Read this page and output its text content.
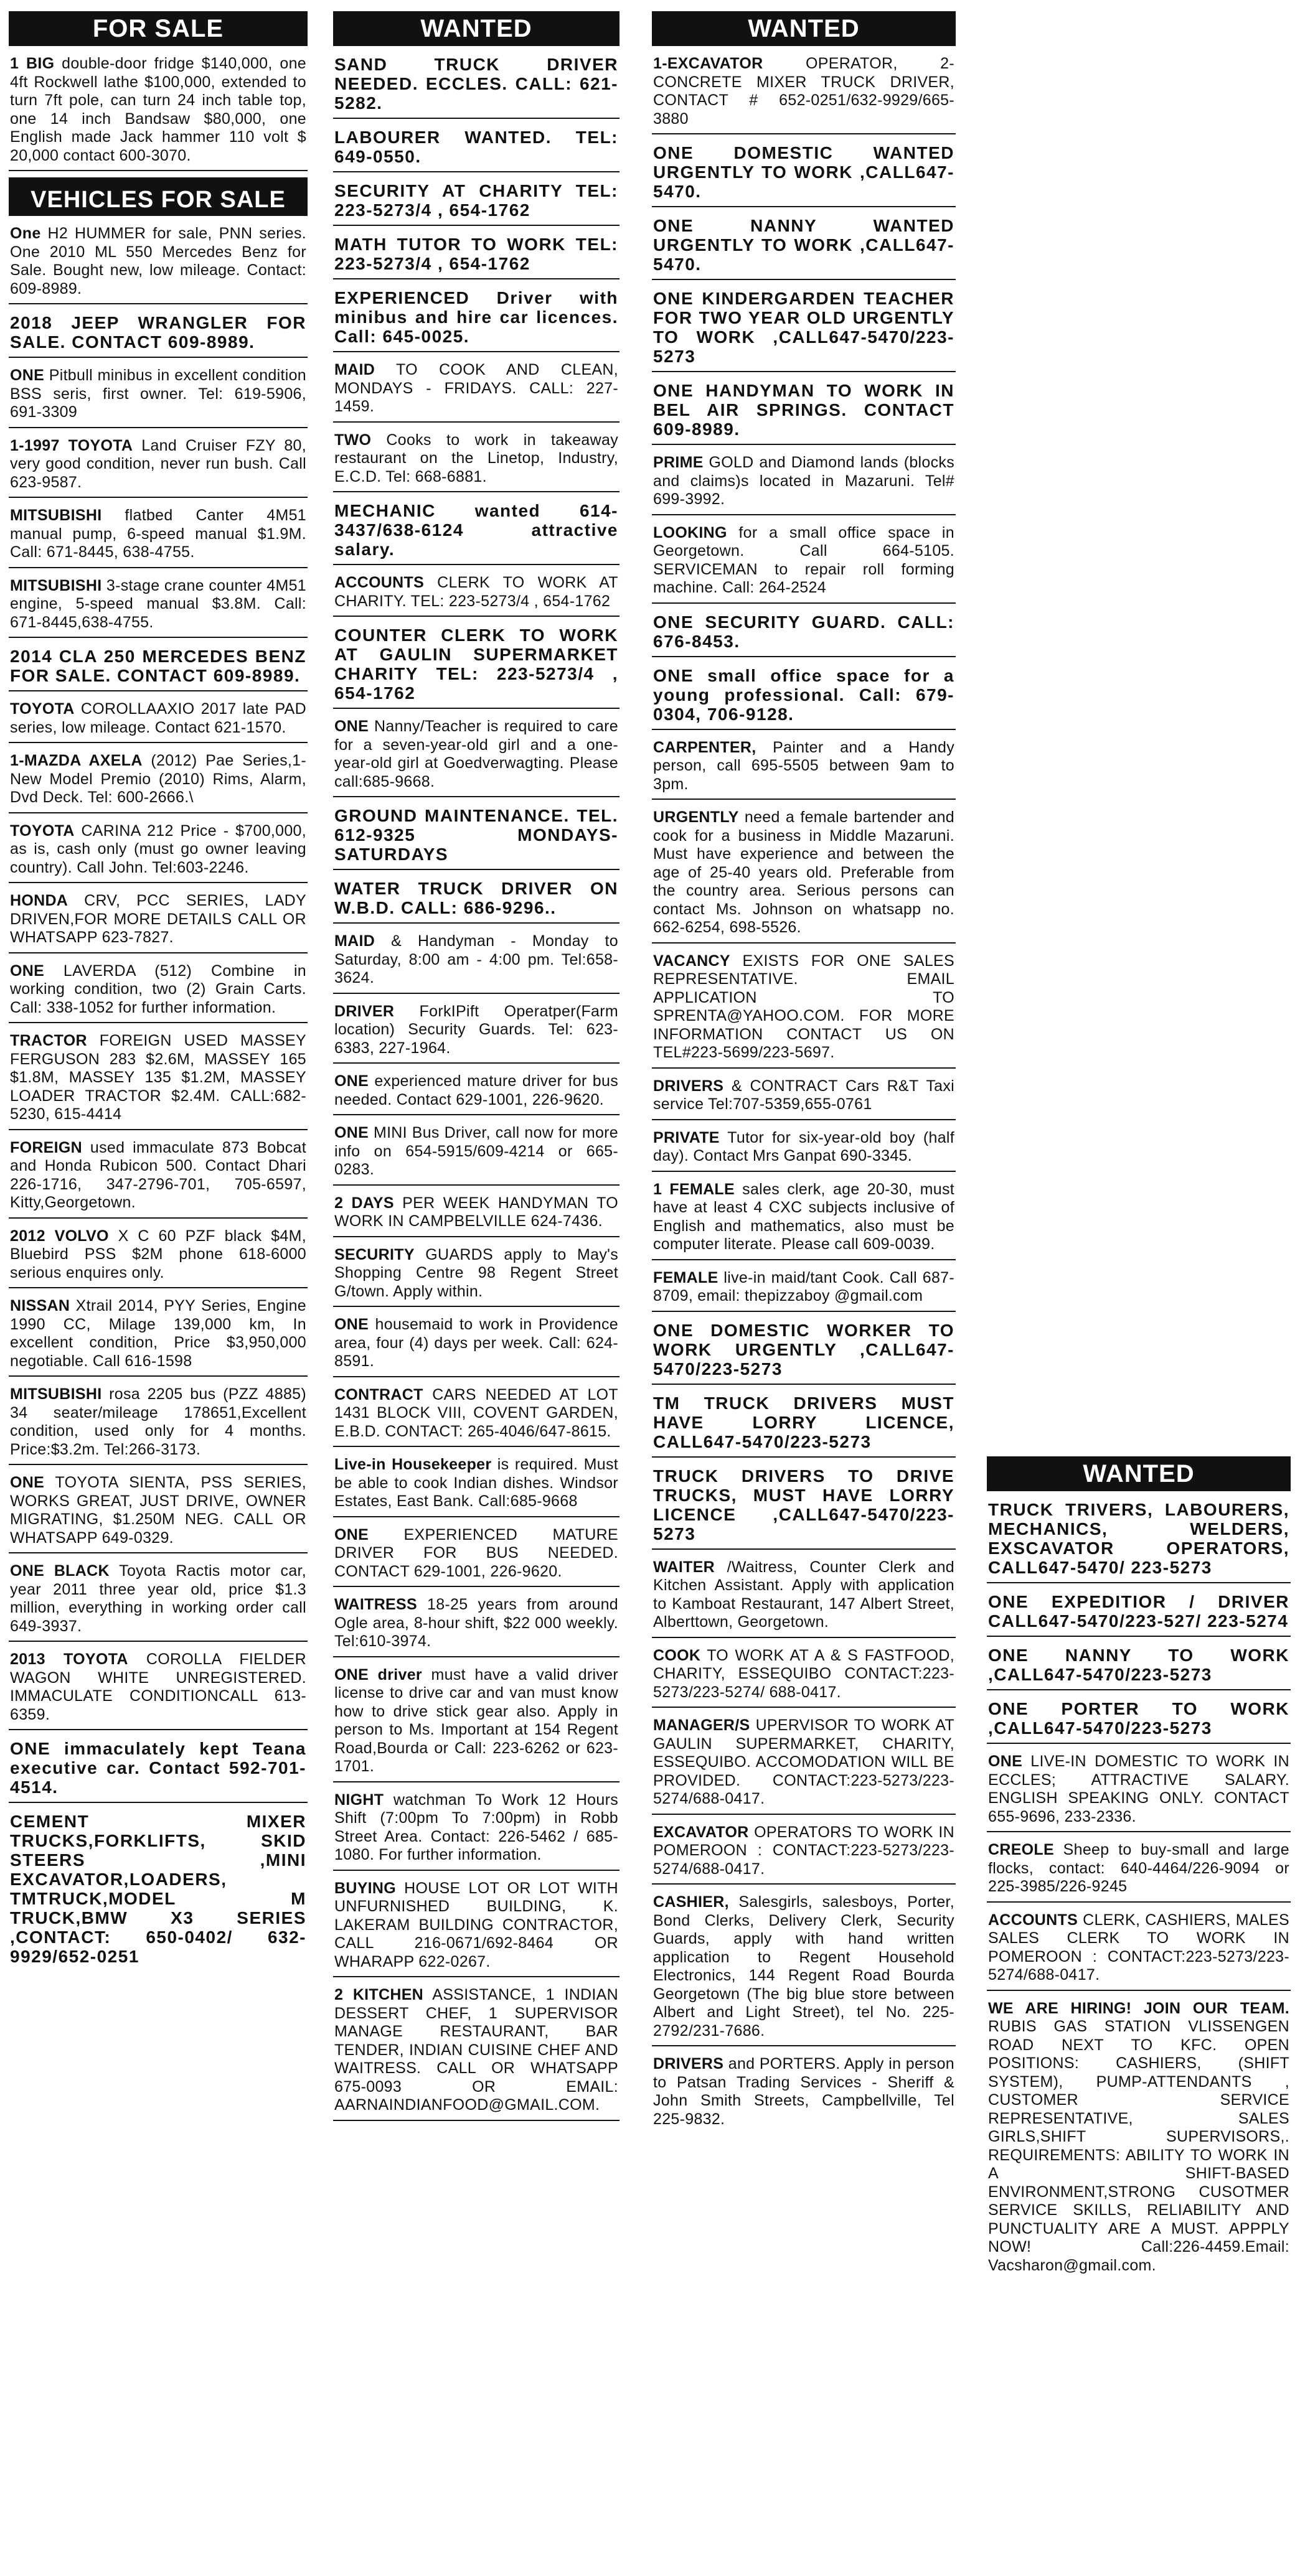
FOR SALE
1 BIG double-door fridge $140,000, one 4ft Rockwell lathe $100,000, extended to turn 7ft pole, can turn 24 inch table top, one 14 inch Bandsaw $80,000, one English made Jack hammer 110 volt $ 20,000 contact 600-3070.
VEHICLES FOR SALE
One H2 HUMMER for sale, PNN series. One 2010 ML 550 Mercedes Benz for Sale. Bought new, low mileage. Contact: 609-8989.
2018 JEEP WRANGLER FOR SALE. CONTACT 609-8989.
ONE Pitbull minibus in excellent condition BSS seris, first owner. Tel: 619-5906, 691-3309
1-1997 TOYOTA Land Cruiser FZY 80, very good condition, never run bush. Call 623-9587.
MITSUBISHI flatbed Canter 4M51 manual pump, 6-speed manual $1.9M. Call: 671-8445, 638-4755.
MITSUBISHI 3-stage crane counter 4M51 engine, 5-speed manual $3.8M. Call: 671-8445,638-4755.
2014 CLA 250 MERCEDES BENZ FOR SALE. CONTACT 609-8989.
TOYOTA COROLLAAXIO 2017 late PAD series, low mileage. Contact 621-1570.
1-MAZDA AXELA (2012) Pae Series,1- New Model Premio (2010) Rims, Alarm, Dvd Deck. Tel: 600-2666.\
TOYOTA CARINA 212 Price - $700,000, as is, cash only (must go owner leaving country). Call John. Tel:603-2246.
HONDA CRV, PCC SERIES, LADY DRIVEN,FOR MORE DETAILS CALL OR WHATSAPP 623-7827.
ONE LAVERDA (512) Combine in working condition, two (2) Grain Carts. Call: 338-1052 for further information.
TRACTOR FOREIGN USED MASSEY FERGUSON 283 $2.6M, MASSEY 165 $1.8M, MASSEY 135 $1.2M, MASSEY LOADER TRACTOR $2.4M. CALL:682-5230, 615-4414
FOREIGN used immaculate 873 Bobcat and Honda Rubicon 500. Contact Dhari 226-1716, 347-2796-701, 705-6597, Kitty,Georgetown.
2012 VOLVO X C 60 PZF black $4M, Bluebird PSS $2M phone 618-6000 serious enquires only.
NISSAN Xtrail 2014, PYY Series, Engine 1990 CC, Milage 139,000 km, In excellent condition, Price $3,950,000 negotiable. Call 616-1598
MITSUBISHI rosa 2205 bus (PZZ 4885) 34 seater/mileage 178651,Excellent condition, used only for 4 months. Price:$3.2m. Tel:266-3173.
ONE TOYOTA SIENTA, PSS SERIES, WORKS GREAT, JUST DRIVE, OWNER MIGRATING, $1.250M NEG. CALL OR WHATSAPP 649-0329.
ONE BLACK Toyota Ractis motor car, year 2011 three year old, price $1.3 million, everything in working order call 649-3937.
2013 TOYOTA COROLLA FIELDER WAGON WHITE UNREGISTERED. IMMACULATE CONDITIONCALL 613-6359.
ONE immaculately kept Teana executive car. Contact 592-701-4514.
CEMENT MIXER TRUCKS,FORKLIFTS, SKID STEERS ,MINI EXCAVATOR,LOADERS, TMTRUCK,MODEL M TRUCK,BMW X3 SERIES ,CONTACT: 650-0402/ 632-9929/652-0251
WANTED
SAND TRUCK DRIVER NEEDED. ECCLES. CALL: 621-5282.
LABOURER WANTED. TEL: 649-0550.
SECURITY AT CHARITY TEL: 223-5273/4 , 654-1762
MATH TUTOR TO WORK TEL: 223-5273/4 , 654-1762
EXPERIENCED Driver with minibus and hire car licences. Call: 645-0025.
MAID TO COOK AND CLEAN, MONDAYS - FRIDAYS. CALL: 227-1459.
TWO Cooks to work in takeaway restaurant on the Linetop, Industry, E.C.D. Tel: 668-6881.
MECHANIC wanted 614-3437/638-6124 attractive salary.
ACCOUNTS CLERK TO WORK AT CHARITY. TEL: 223-5273/4 , 654-1762
COUNTER CLERK TO WORK AT GAULIN SUPERMARKET CHARITY TEL: 223-5273/4 , 654-1762
ONE Nanny/Teacher is required to care for a seven-year-old girl and a one-year-old girl at Goedverwagting. Please call:685-9668.
GROUND MAINTENANCE. TEL. 612-9325 MONDAYS-SATURDAYS
WATER TRUCK DRIVER ON W.B.D. CALL: 686-9296..
MAID & Handyman - Monday to Saturday, 8:00 am - 4:00 pm. Tel:658-3624.
DRIVER ForkIPift Operatper(Farm location) Security Guards. Tel: 623-6383, 227-1964.
ONE experienced mature driver for bus needed. Contact 629-1001, 226-9620.
ONE MINI Bus Driver, call now for more info on 654-5915/609-4214 or 665-0283.
2 DAYS PER WEEK HANDYMAN TO WORK IN CAMPBELVILLE 624-7436.
SECURITY GUARDS apply to May's Shopping Centre 98 Regent Street G/town. Apply within.
ONE housemaid to work in Providence area, four (4) days per week. Call: 624-8591.
CONTRACT CARS NEEDED AT LOT 1431 BLOCK VIII, COVENT GARDEN, E.B.D. CONTACT: 265-4046/647-8615.
Live-in Housekeeper is required. Must be able to cook Indian dishes. Windsor Estates, East Bank. Call:685-9668
ONE EXPERIENCED MATURE DRIVER FOR BUS NEEDED. CONTACT 629-1001, 226-9620.
WAITRESS 18-25 years from around Ogle area, 8-hour shift, $22 000 weekly. Tel:610-3974.
ONE driver must have a valid driver license to drive car and van must know how to drive stick gear also. Apply in person to Ms. Important at 154 Regent Road,Bourda or Call: 223-6262 or 623-1701.
NIGHT watchman To Work 12 Hours Shift (7:00pm To 7:00pm) in Robb Street Area. Contact: 226-5462 / 685-1080. For further information.
BUYING HOUSE LOT OR LOT WITH UNFURNISHED BUILDING, K. LAKERAM BUILDING CONTRACTOR, CALL 216-0671/692-8464 OR WHARAPP 622-0267.
2 KITCHEN ASSISTANCE, 1 INDIAN DESSERT CHEF, 1 SUPERVISOR MANAGE RESTAURANT, BAR TENDER, INDIAN CUISINE CHEF AND WAITRESS. CALL OR WHATSAPP 675-0093 OR EMAIL: AARNAINDIANFOOD@GMAIL.COM.
WANTED
1-EXCAVATOR	OPERATOR, 2- CONCRETE MIXER TRUCK DRIVER, CONTACT # 652-0251/632-9929/665-3880
ONE DOMESTIC WANTED URGENTLY TO WORK ,CALL647-5470.
ONE NANNY WANTED URGENTLY TO WORK ,CALL647-5470.
ONE KINDERGARDEN TEACHER FOR TWO YEAR OLD URGENTLY TO WORK ,CALL647-5470/223-5273
ONE HANDYMAN TO WORK IN BEL AIR SPRINGS. CONTACT 609-8989.
PRIME GOLD and Diamond lands (blocks and claims)s located in Mazaruni. Tel# 699-3992.
LOOKING for a small office space in Georgetown. Call 664-5105. SERVICEMAN to repair roll forming machine. Call: 264-2524
ONE SECURITY GUARD. CALL: 676-8453.
ONE small office space for a young professional. Call: 679-0304, 706-9128.
CARPENTER, Painter and a Handy person, call 695-5505 between 9am to 3pm.
URGENTLY need a female bartender and cook for a business in Middle Mazaruni. Must have experience and between the age of 25-40 years old. Preferable from the country area. Serious persons can contact Ms. Johnson on whatsapp no. 662-6254, 698-5526.
VACANCY EXISTS FOR ONE SALES REPRESENTATIVE. EMAIL APPLICATION TO SPRENTA@YAHOO.COM. FOR MORE INFORMATION CONTACT US ON TEL#223-5699/223-5697.
DRIVERS & CONTRACT Cars R&T Taxi service Tel:707-5359,655-0761
PRIVATE Tutor for six-year-old boy (half day). Contact Mrs Ganpat 690-3345.
1 FEMALE sales clerk, age 20-30, must have at least 4 CXC subjects inclusive of English and mathematics, also must be computer literate. Please call 609-0039.
FEMALE live-in maid/tant Cook. Call 687-8709, email: thepizzaboy @gmail.com
ONE DOMESTIC WORKER TO WORK URGENTLY ,CALL647-5470/223-5273
TM TRUCK DRIVERS MUST HAVE LORRY LICENCE, CALL647-5470/223-5273
TRUCK DRIVERS TO DRIVE TRUCKS, MUST HAVE LORRY LICENCE ,CALL647-5470/223-5273
WAITER /Waitress, Counter Clerk and Kitchen Assistant. Apply with application to Kamboat Restaurant, 147 Albert Street, Alberttown, Georgetown.
COOK TO WORK AT A & S FASTFOOD, CHARITY, ESSEQUIBO CONTACT:223-5273/223-5274/ 688-0417.
MANAGER/S UPERVISOR TO WORK AT GAULIN SUPERMARKET, CHARITY, ESSEQUIBO. ACCOMODATION WILL BE PROVIDED. CONTACT:223-5273/223-5274/688-0417.
EXCAVATOR OPERATORS TO WORK IN POMEROON : CONTACT:223-5273/223-5274/688-0417.
CASHIER, Salesgirls, salesboys, Porter, Bond Clerks, Delivery Clerk, Security Guards, apply with hand written application to Regent Household Electronics, 144 Regent Road Bourda Georgetown (The big blue store between Albert and Light Street), tel No. 225-2792/231-7686.
DRIVERS and PORTERS. Apply in person to Patsan Trading Services - Sheriff & John Smith Streets, Campbellville, Tel 225-9832.
WANTED
TRUCK TRIVERS, LABOURERS, MECHANICS, WELDERS, EXSCAVATOR OPERATORS, CALL647-5470/ 223-5273
ONE EXPEDITIOR / DRIVER CALL647-5470/223-527/ 223-5274
ONE NANNY TO WORK ,CALL647-5470/223-5273
ONE PORTER TO WORK ,CALL647-5470/223-5273
ONE LIVE-IN DOMESTIC TO WORK IN ECCLES; ATTRACTIVE SALARY. ENGLISH SPEAKING ONLY. CONTACT 655-9696, 233-2336.
CREOLE Sheep to buy-small and large flocks, contact: 640-4464/226-9094 or 225-3985/226-9245
ACCOUNTS CLERK, CASHIERS, MALES SALES CLERK TO WORK IN POMEROON : CONTACT:223-5273/223-5274/688-0417.
WE ARE HIRING! JOIN OUR TEAM. RUBIS GAS STATION VLISSENGEN ROAD NEXT TO KFC. OPEN POSITIONS: CASHIERS, (SHIFT SYSTEM), PUMP-ATTENDANTS , CUSTOMER SERVICE REPRESENTATIVE, SALES GIRLS,SHIFT SUPERVISORS,. REQUIREMENTS: ABILITY TO WORK IN A SHIFT-BASED ENVIRONMENT,STRONG CUSOTMER SERVICE SKILLS, RELIABILITY AND PUNCTUALITY ARE A MUST. APPPLY NOW! Call:226-4459.Email: Vacsharon@gmail.com.
